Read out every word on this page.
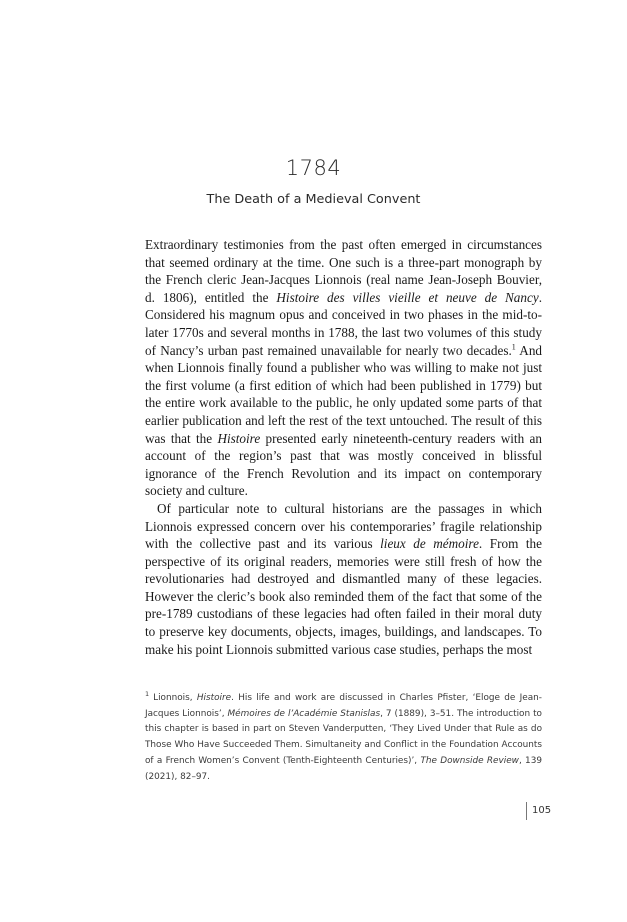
1784
The Death of a Medieval Convent

Extraordinary testimonies from the past often emerged in circumstances that seemed ordinary at the time. One such is a three-part monograph by the French cleric Jean-Jacques Lionnois (real name Jean-Joseph Bouvier, d. 1806), entitled the Histoire des villes vieille et neuve de Nancy. Considered his magnum opus and conceived in two phases in the mid-to-later 1770s and several months in 1788, the last two volumes of this study of Nancy’s urban past remained unavailable for nearly two decades.$^1$ And when Lionnois finally found a publisher who was willing to make not just the first volume (a first edition of which had been published in 1779) but the entire work available to the public, he only updated some parts of that earlier publication and left the rest of the text untouched. The result of this was that the Histoire presented early nineteenth-century readers with an account of the region’s past that was mostly conceived in blissful ignorance of the French Revolution and its impact on contemporary society and culture.

Of particular note to cultural historians are the passages in which Lionnois expressed concern over his contemporaries’ fragile relationship with the collective past and its various lieux de mémoire. From the perspective of its original readers, memories were still fresh of how the revolutionaries had destroyed and dismantled many of these legacies. However the cleric’s book also reminded them of the fact that some of the pre-1789 custodians of these legacies had often failed in their moral duty to preserve key documents, objects, images, buildings, and landscapes. To make his point Lionnois submitted various case studies, perhaps the most

$^1$ Lionnois, Histoire. His life and work are discussed in Charles Pfister, ‘Eloge de Jean-Jacques Lionnois’, Mémoires de l’Académie Stanislas, 7 (1889), 3–51. The introduction to this chapter is based in part on Steven Vanderputten, ‘They Lived Under that Rule as do Those Who Have Succeeded Them. Simultaneity and Conflict in the Foundation Accounts of a French Women’s Convent (Tenth-Eighteenth Centuries)’, The Downside Review, 139 (2021), 82–97.
105
